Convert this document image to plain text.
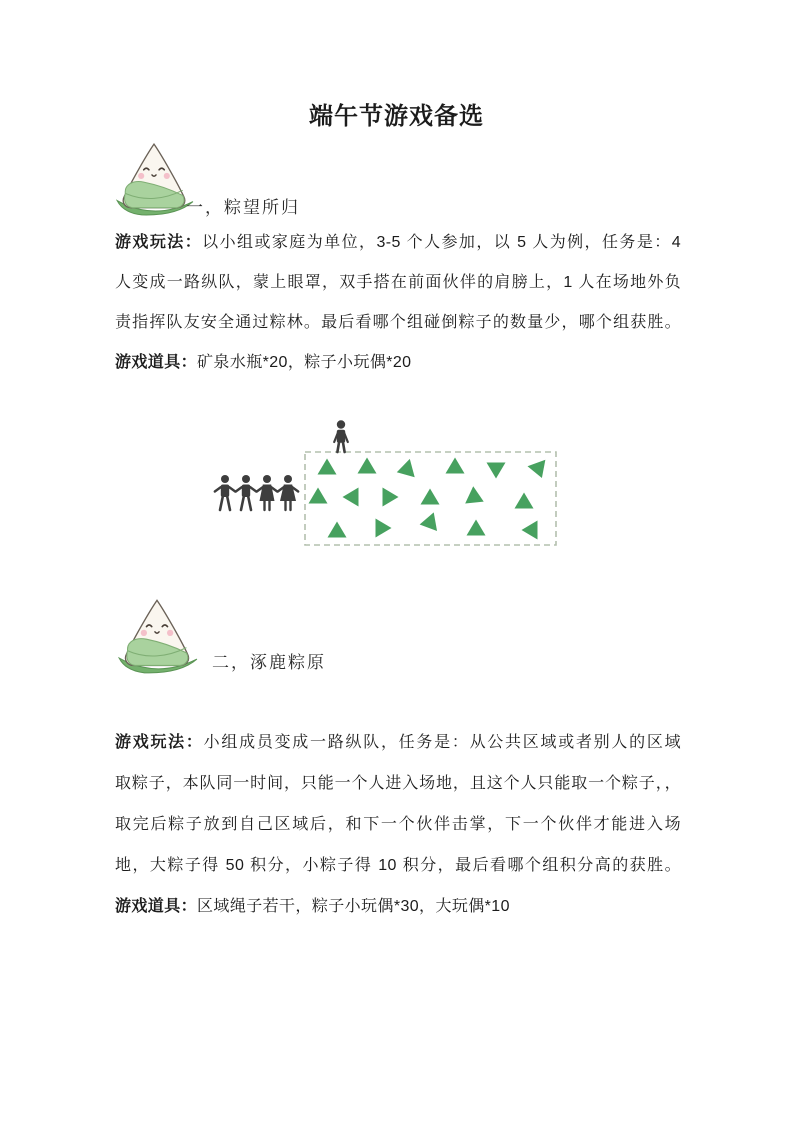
端午节游戏备选
一，粽望所归
游戏玩法：以小组或家庭为单位，3-5 个人参加，以 5 人为例，任务是：4
人变成一路纵队，蒙上眼罩，双手搭在前面伙伴的肩膀上，1 人在场地外负
责指挥队友安全通过粽林。最后看哪个组碰倒粽子的数量少，哪个组获胜。
游戏道具：矿泉水瓶*20，粽子小玩偶*20
二，涿鹿粽原
游戏玩法：小组成员变成一路纵队，任务是：从公共区域或者别人的区域
取粽子，本队同一时间，只能一个人进入场地，且这个人只能取一个粽子，，
取完后粽子放到自己区域后，和下一个伙伴击掌，下一个伙伴才能进入场
地，大粽子得 50 积分，小粽子得 10 积分，最后看哪个组积分高的获胜。
游戏道具：区域绳子若干，粽子小玩偶*30，大玩偶*10
